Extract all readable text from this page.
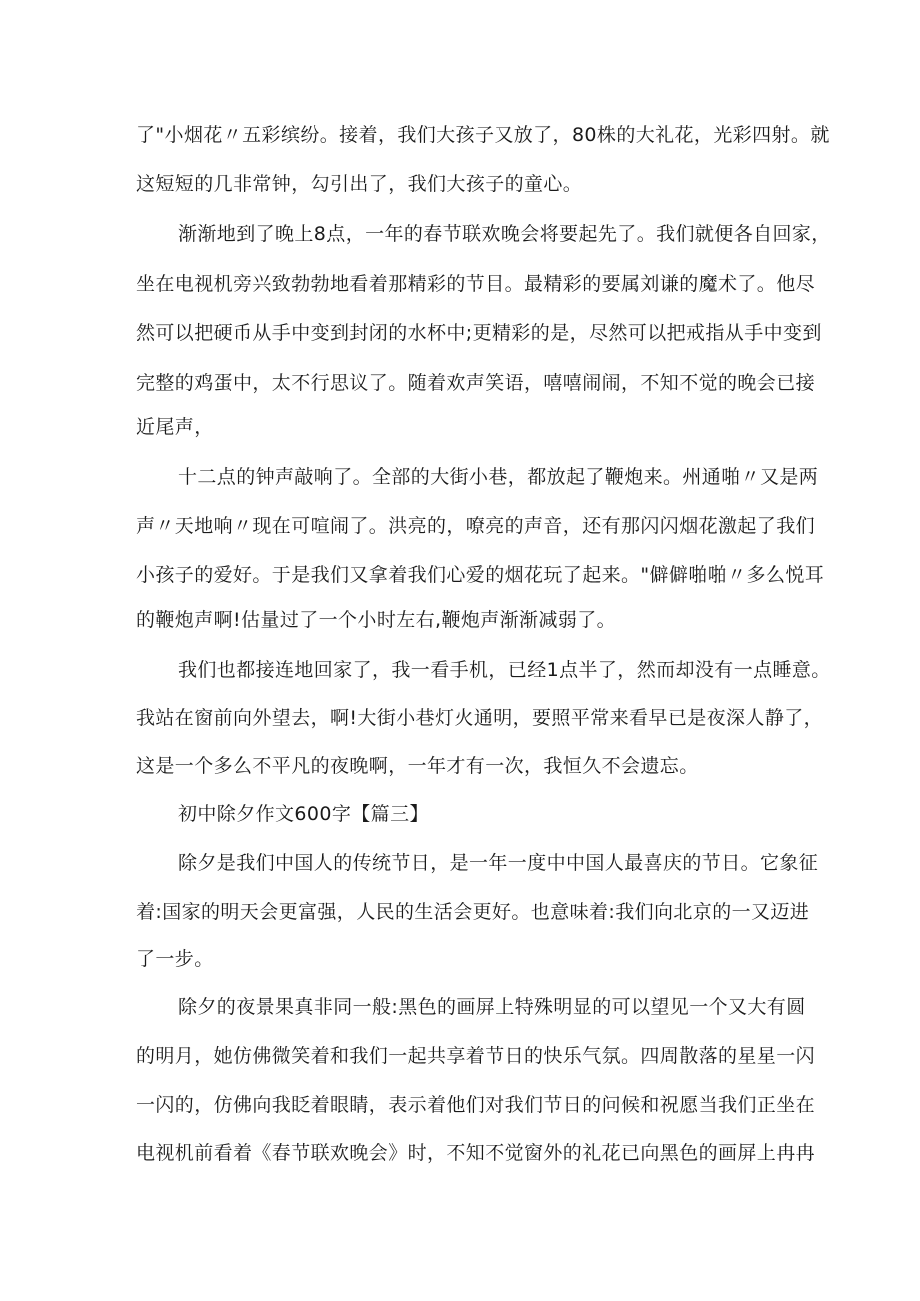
了"小烟花〃五彩缤纷。接着，我们大孩子又放了，80株的大礼花，光彩四射。就
这短短的几非常钟，勾引出了，我们大孩子的童心。
渐渐地到了晚上8点，一年的春节联欢晚会将要起先了。我们就便各自回家，
坐在电视机旁兴致勃勃地看着那精彩的节目。最精彩的要属刘谦的魔术了。他尽
然可以把硬币从手中变到封闭的水杯中;更精彩的是，尽然可以把戒指从手中变到
完整的鸡蛋中，太不行思议了。随着欢声笑语，嘻嘻闹闹，不知不觉的晚会已接
近尾声，
十二点的钟声敲响了。全部的大街小巷，都放起了鞭炮来。州通啪〃又是两
声〃天地响〃现在可喧闹了。洪亮的，嘹亮的声音，还有那闪闪烟花激起了我们
小孩子的爱好。于是我们又拿着我们心爱的烟花玩了起来。"僻僻啪啪〃多么悦耳
的鞭炮声啊!估量过了一个小时左右,鞭炮声渐渐减弱了。
我们也都接连地回家了，我一看手机，已经1点半了，然而却没有一点睡意。
我站在窗前向外望去，啊!大街小巷灯火通明，要照平常来看早已是夜深人静了，
这是一个多么不平凡的夜晚啊，一年才有一次，我恒久不会遗忘。
初中除夕作文600字【篇三】
除夕是我们中国人的传统节日，是一年一度中中国人最喜庆的节日。它象征
着:国家的明天会更富强，人民的生活会更好。也意味着:我们向北京的一又迈进
了一步。
除夕的夜景果真非同一般:黑色的画屏上特殊明显的可以望见一个又大有圆
的明月，她仿佛微笑着和我们一起共享着节日的快乐气氛。四周散落的星星一闪
一闪的，仿佛向我眨着眼睛，表示着他们对我们节日的问候和祝愿当我们正坐在
电视机前看着《春节联欢晚会》时，不知不觉窗外的礼花已向黑色的画屏上冉冉
